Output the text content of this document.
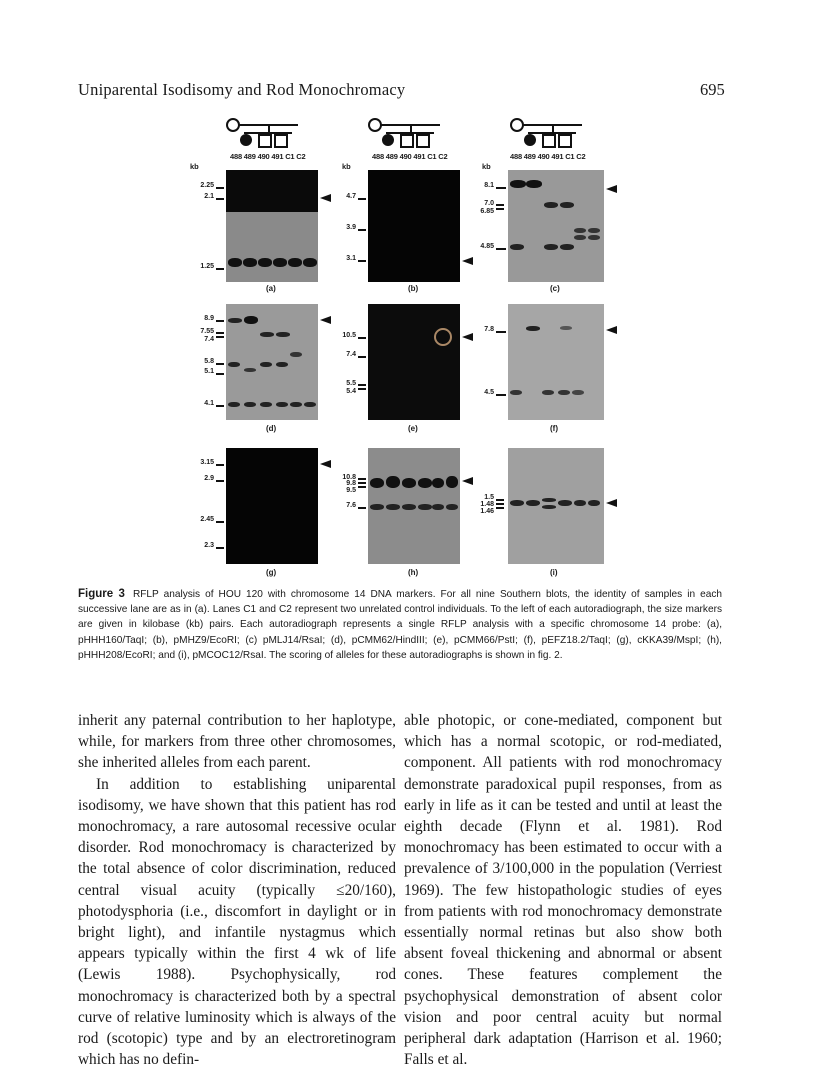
Uniparental Isodisomy and Rod Monochromacy	695
488 489 490 491 C1 C2
kb
2.25
2.1
1.25
(a)
488 489 490 491 C1 C2
kb
4.7
3.9
3.1
(b)
488 489 490 491 C1 C2
kb
8.1
7.0
6.85
4.85
(c)
8.9
7.55
7.4
5.8
5.1
4.1
(d)
10.5
7.4
5.5
5.4
(e)
7.8
4.5
(f)
3.15
2.9
2.45
2.3
(g)
10.8
9.8
9.5
7.6
(h)
1.5
1.48
1.46
(i)
Figure 3 RFLP analysis of HOU 120 with chromosome 14 DNA markers. For all nine Southern blots, the identity of samples in each successive lane are as in (a). Lanes C1 and C2 represent two unrelated control individuals. To the left of each autoradiograph, the size markers are given in kilobase (kb) pairs. Each autoradiograph represents a single RFLP analysis with a specific chromosome 14 probe: (a), pHHH160/TaqI; (b), pMHZ9/EcoRI; (c) pMLJ14/RsaI; (d), pCMM62/HindIII; (e), pCMM66/PstI; (f), pEFZ18.2/TaqI; (g), cKKA39/MspI; (h), pHHH208/EcoRI; and (i), pMCOC12/RsaI. The scoring of alleles for these autoradiographs is shown in fig. 2.

inherit any paternal contribution to her haplotype, while, for markers from three other chromosomes, she inherited alleles from each parent.

In addition to establishing uniparental isodisomy, we have shown that this patient has rod monochromacy, a rare autosomal recessive ocular disorder. Rod monochromacy is characterized by the total absence of color discrimination, reduced central visual acuity (typically ≤20/160), photodysphoria (i.e., discomfort in daylight or in bright light), and infantile nystagmus which appears typically within the first 4 wk of life (Lewis 1988). Psychophysically, rod monochromacy is characterized both by a spectral curve of relative luminosity which is always of the rod (scotopic) type and by an electroretinogram which has no defin-

able photopic, or cone-mediated, component but which has a normal scotopic, or rod-mediated, component. All patients with rod monochromacy demonstrate paradoxical pupil responses, from as early in life as it can be tested and until at least the eighth decade (Flynn et al. 1981). Rod monochromacy has been estimated to occur with a prevalence of 3/100,000 in the population (Verriest 1969). The few histopathologic studies of eyes from patients with rod monochromacy demonstrate essentially normal retinas but also show both absent foveal thickening and abnormal or absent cones. These features complement the psychophysical demonstration of absent color vision and poor central acuity but normal peripheral dark adaptation (Harrison et al. 1960; Falls et al.
